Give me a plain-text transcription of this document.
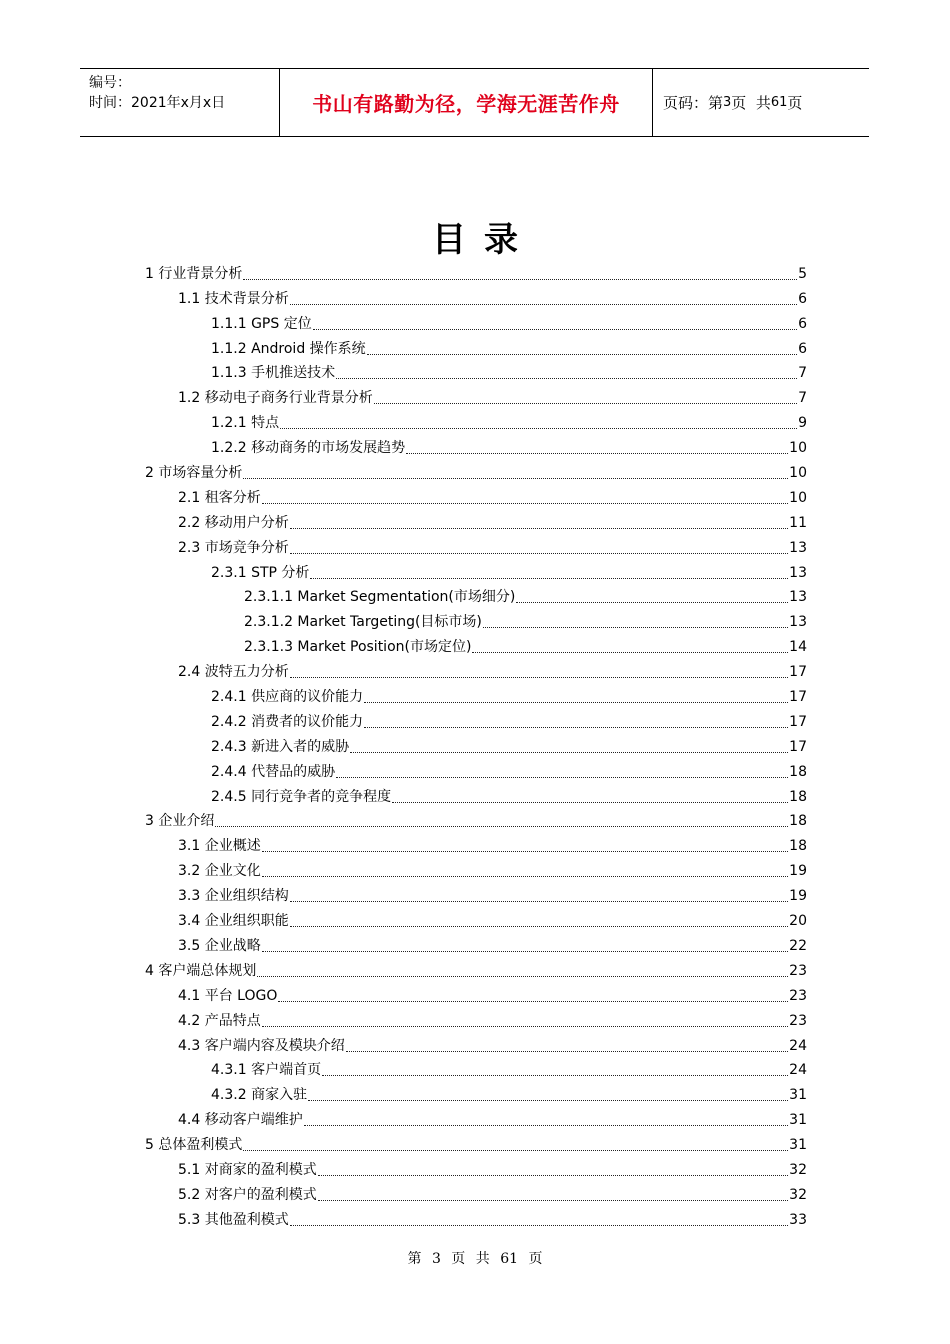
编号：
时间：2021年x月x日	书山有路勤为径，学海无涯苦作舟	页码：第 3 页  共 61 页
目录
1 行业背景分析	5
1.1 技术背景分析	6
1.1.1 GPS 定位	6
1.1.2 Android 操作系统	6
1.1.3 手机推送技术	7
1.2 移动电子商务行业背景分析	7
1.2.1 特点	9
1.2.2 移动商务的市场发展趋势	10
2 市场容量分析	10
2.1 租客分析	10
2.2 移动用户分析	11
2.3 市场竞争分析	13
2.3.1 STP 分析	13
2.3.1.1 Market Segmentation(市场细分)	13
2.3.1.2 Market Targeting(目标市场)	13
2.3.1.3 Market Position(市场定位)	14
2.4 波特五力分析	17
2.4.1 供应商的议价能力	17
2.4.2 消费者的议价能力	17
2.4.3 新进入者的威胁	17
2.4.4 代替品的威胁	18
2.4.5 同行竞争者的竞争程度	18
3 企业介绍	18
3.1 企业概述	18
3.2 企业文化	19
3.3 企业组织结构	19
3.4 企业组织职能	20
3.5 企业战略	22
4 客户端总体规划	23
4.1 平台 LOGO	23
4.2 产品特点	23
4.3 客户端内容及模块介绍	24
4.3.1 客户端首页	24
4.3.2 商家入驻	31
4.4 移动客户端维护	31
5 总体盈利模式	31
5.1 对商家的盈利模式	32
5.2 对客户的盈利模式	32
5.3 其他盈利模式	33
第 3 页 共 61 页
